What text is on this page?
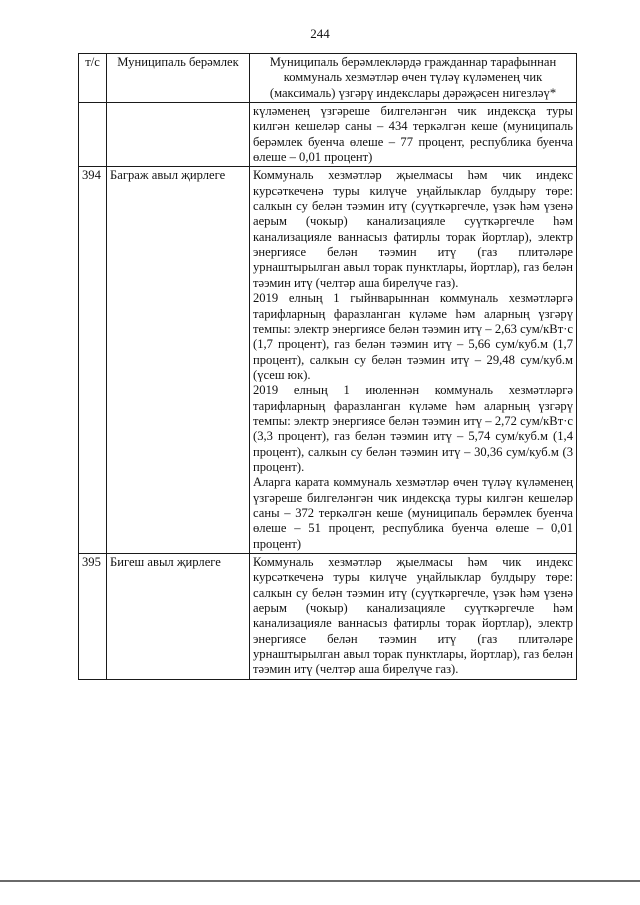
244
т/с	Муниципаль берәмлек	Муниципаль берәмлекләрдә гражданнар тарафыннан коммуналь хезмәтләр өчен түләү күләменең чик (максималь) үзгәрү индекслары дәрәҗәсен нигезләү*

		күләменең үзгәреше билгеләнгән чик индексқа туры килгән кешеләр саны – 434 теркәлгән кеше (муниципаль берәмлек буенча өлеше – 77 процент, республика буенча өлеше – 0,01 процент)

394	Баграж авыл җирлеге	Коммуналь хезмәтләр җыелмасы һәм чик индекс курсәткеченә туры килүче уңайлыклар булдыру төре: салкын су белән тәэмин итү (суүткәргечле, үзәк һәм үзенә аерым (чокыр) канализацияле суүткәргечле һәм канализацияле ваннасыз фатирлы торак йортлар), электр энергиясе белән тәэмин итү (газ плитәләре урнаштырылган авыл торак пунктлары, йортлар), газ белән тәэмин итү (челтәр аша бирелүче газ).

2019 елның 1 гыйнварыннан коммуналь хезмәтләргә тарифларның фаразланган күләме һәм аларның үзгәрү темпы: электр энергиясе белән тәэмин итү – 2,63 сум/кВт·с (1,7 процент), газ белән тәэмин итү – 5,66 сум/куб.м (1,7 процент), салкын су белән тәэмин итү – 29,48 сум/куб.м (үсеш юк).

2019 елның 1 июленнән коммуналь хезмәтләргә тарифларның фаразланган күләме һәм аларның үзгәрү темпы: электр энергиясе белән тәэмин итү – 2,72 сум/кВт·с (3,3 процент), газ белән тәэмин итү – 5,74 сум/куб.м (1,4 процент), салкын су белән тәэмин итү – 30,36 сум/куб.м (3 процент).

Аларга карата коммуналь хезмәтләр өчен түләү күләменең үзгәреше билгеләнгән чик индексқа туры килгән кешеләр саны – 372 теркәлгән кеше (муниципаль берәмлек буенча өлеше – 51 процент, республика буенча өлеше – 0,01 процент)

395	Бигеш авыл җирлеге	Коммуналь хезмәтләр җыелмасы һәм чик индекс курсәткеченә туры килүче уңайлыклар булдыру төре: салкын су белән тәэмин итү (суүткәргечле, үзәк һәм үзенә аерым (чокыр) канализацияле суүткәргечле һәм канализацияле ваннасыз фатирлы торак йортлар), электр энергиясе белән тәэмин итү (газ плитәләре урнаштырылган авыл торак пунктлары, йортлар), газ белән тәэмин итү (челтәр аша бирелүче газ).
